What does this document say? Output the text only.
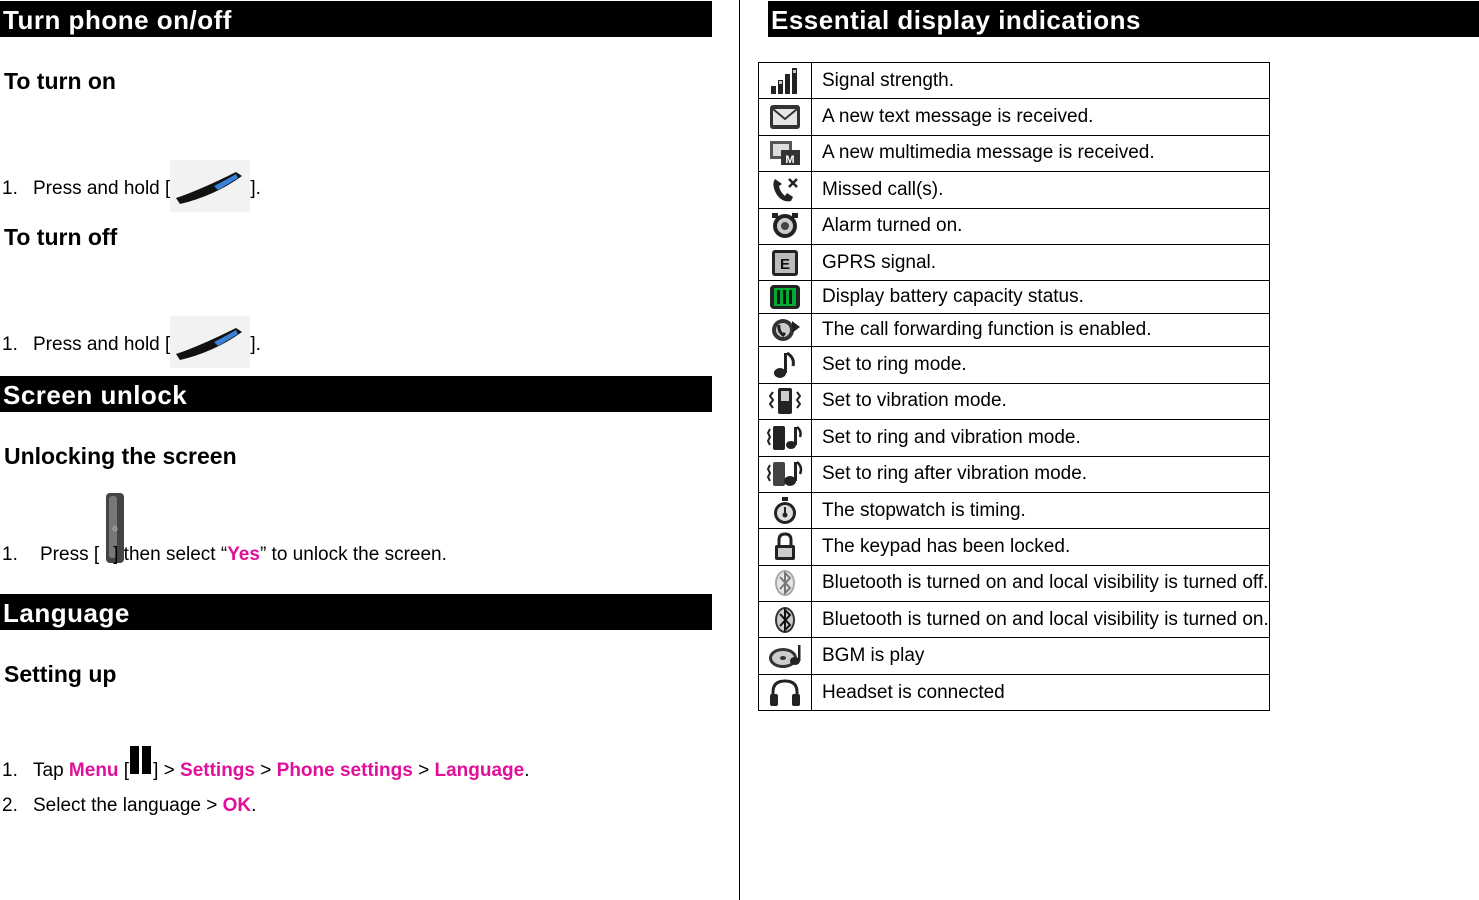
Turn phone on/off
To turn on
1. Press and hold [	].
To turn off
1. Press and hold [	].
Screen unlock
Unlocking the screen
⊙
1. Press [ ] then select “Yes” to unlock the screen.
Language
Setting up
1. Tap Menu [ ] > Settings > Phone settings > Language.
2. Select the language > OK.
Essential display indications
	Signal strength.
	A new text message is received.

M	A new multimedia message is received.
	Missed call(s).
	Alarm turned on.

E	GPRS signal.
	Display battery capacity status.
	The call forwarding function is enabled.
	Set to ring mode.
	Set to vibration mode.
	Set to ring and vibration mode.
	Set to ring after vibration mode.
	The stopwatch is timing.
	The keypad has been locked.
	Bluetooth is turned on and local visibility is turned off.
	Bluetooth is turned on and local visibility is turned on.
	BGM is play
	Headset is connected
